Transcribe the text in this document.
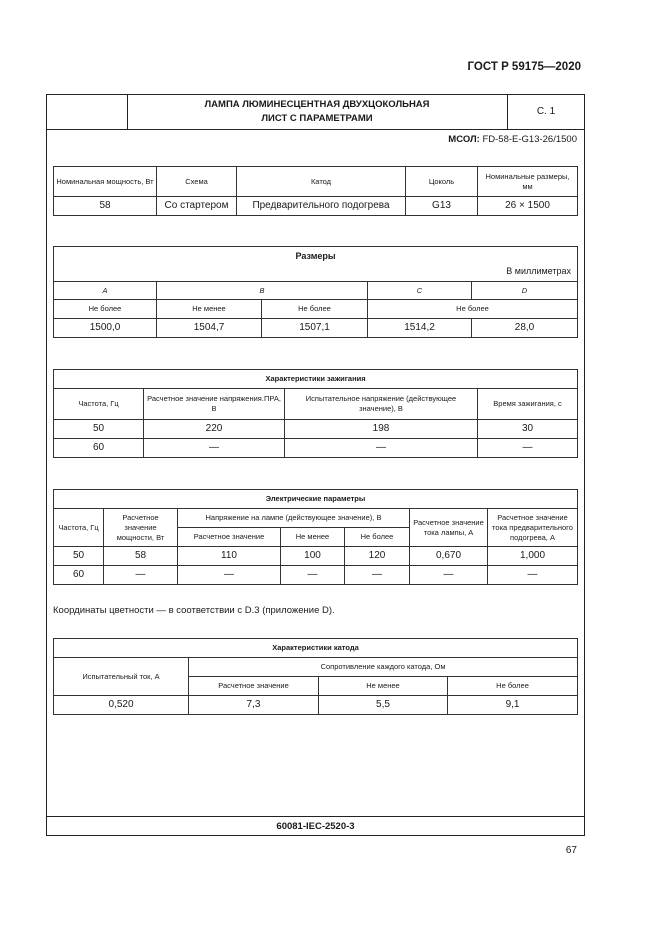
ГОСТ Р 59175—2020
ЛАМПА ЛЮМИНЕСЦЕНТНАЯ ДВУХЦОКОЛЬНАЯ
ЛИСТ С ПАРАМЕТРАМИ
С. 1
МСОЛ: FD-58-E-G13-26/1500
Номинальная мощность, Вт	Схема	Катод	Цоколь	Номинальные размеры, мм
58	Со стартером	Предварительного подогрева	G13	26 × 1500
Размеры
В миллиметрах				

A	B		C	D
Не более	Не менее	Не более	Не более	
1500,0	1504,7	1507,1	1514,2	28,0
Характеристики зажигания			
Частота, Гц	Расчетное значение напряжения.ПРА, В	Испытательное напряжение (действующее значение), В	Время зажигания, с
50	220	198	30
60	—	—	—
Электрические параметры						
Частота, Гц	Расчетное значение мощности, Вт	Напряжение на лампе (действующее значение), В			Расчетное значение тока лампы, А	Расчетное значение тока предварительного подогрева, А
		Расчетное значение	Не менее	Не более		
50	58	110	100	120	0,670	1,000
60	—	—	—	—	—	—
Координаты цветности — в соответствии с D.3 (приложение D).
Характеристики катода			
Испытательный ток, А	Сопротивление каждого катода, Ом		
	Расчетное значение	Не менее	Не более
0,520	7,3	5,5	9,1
60081-IEC-2520-3
67
